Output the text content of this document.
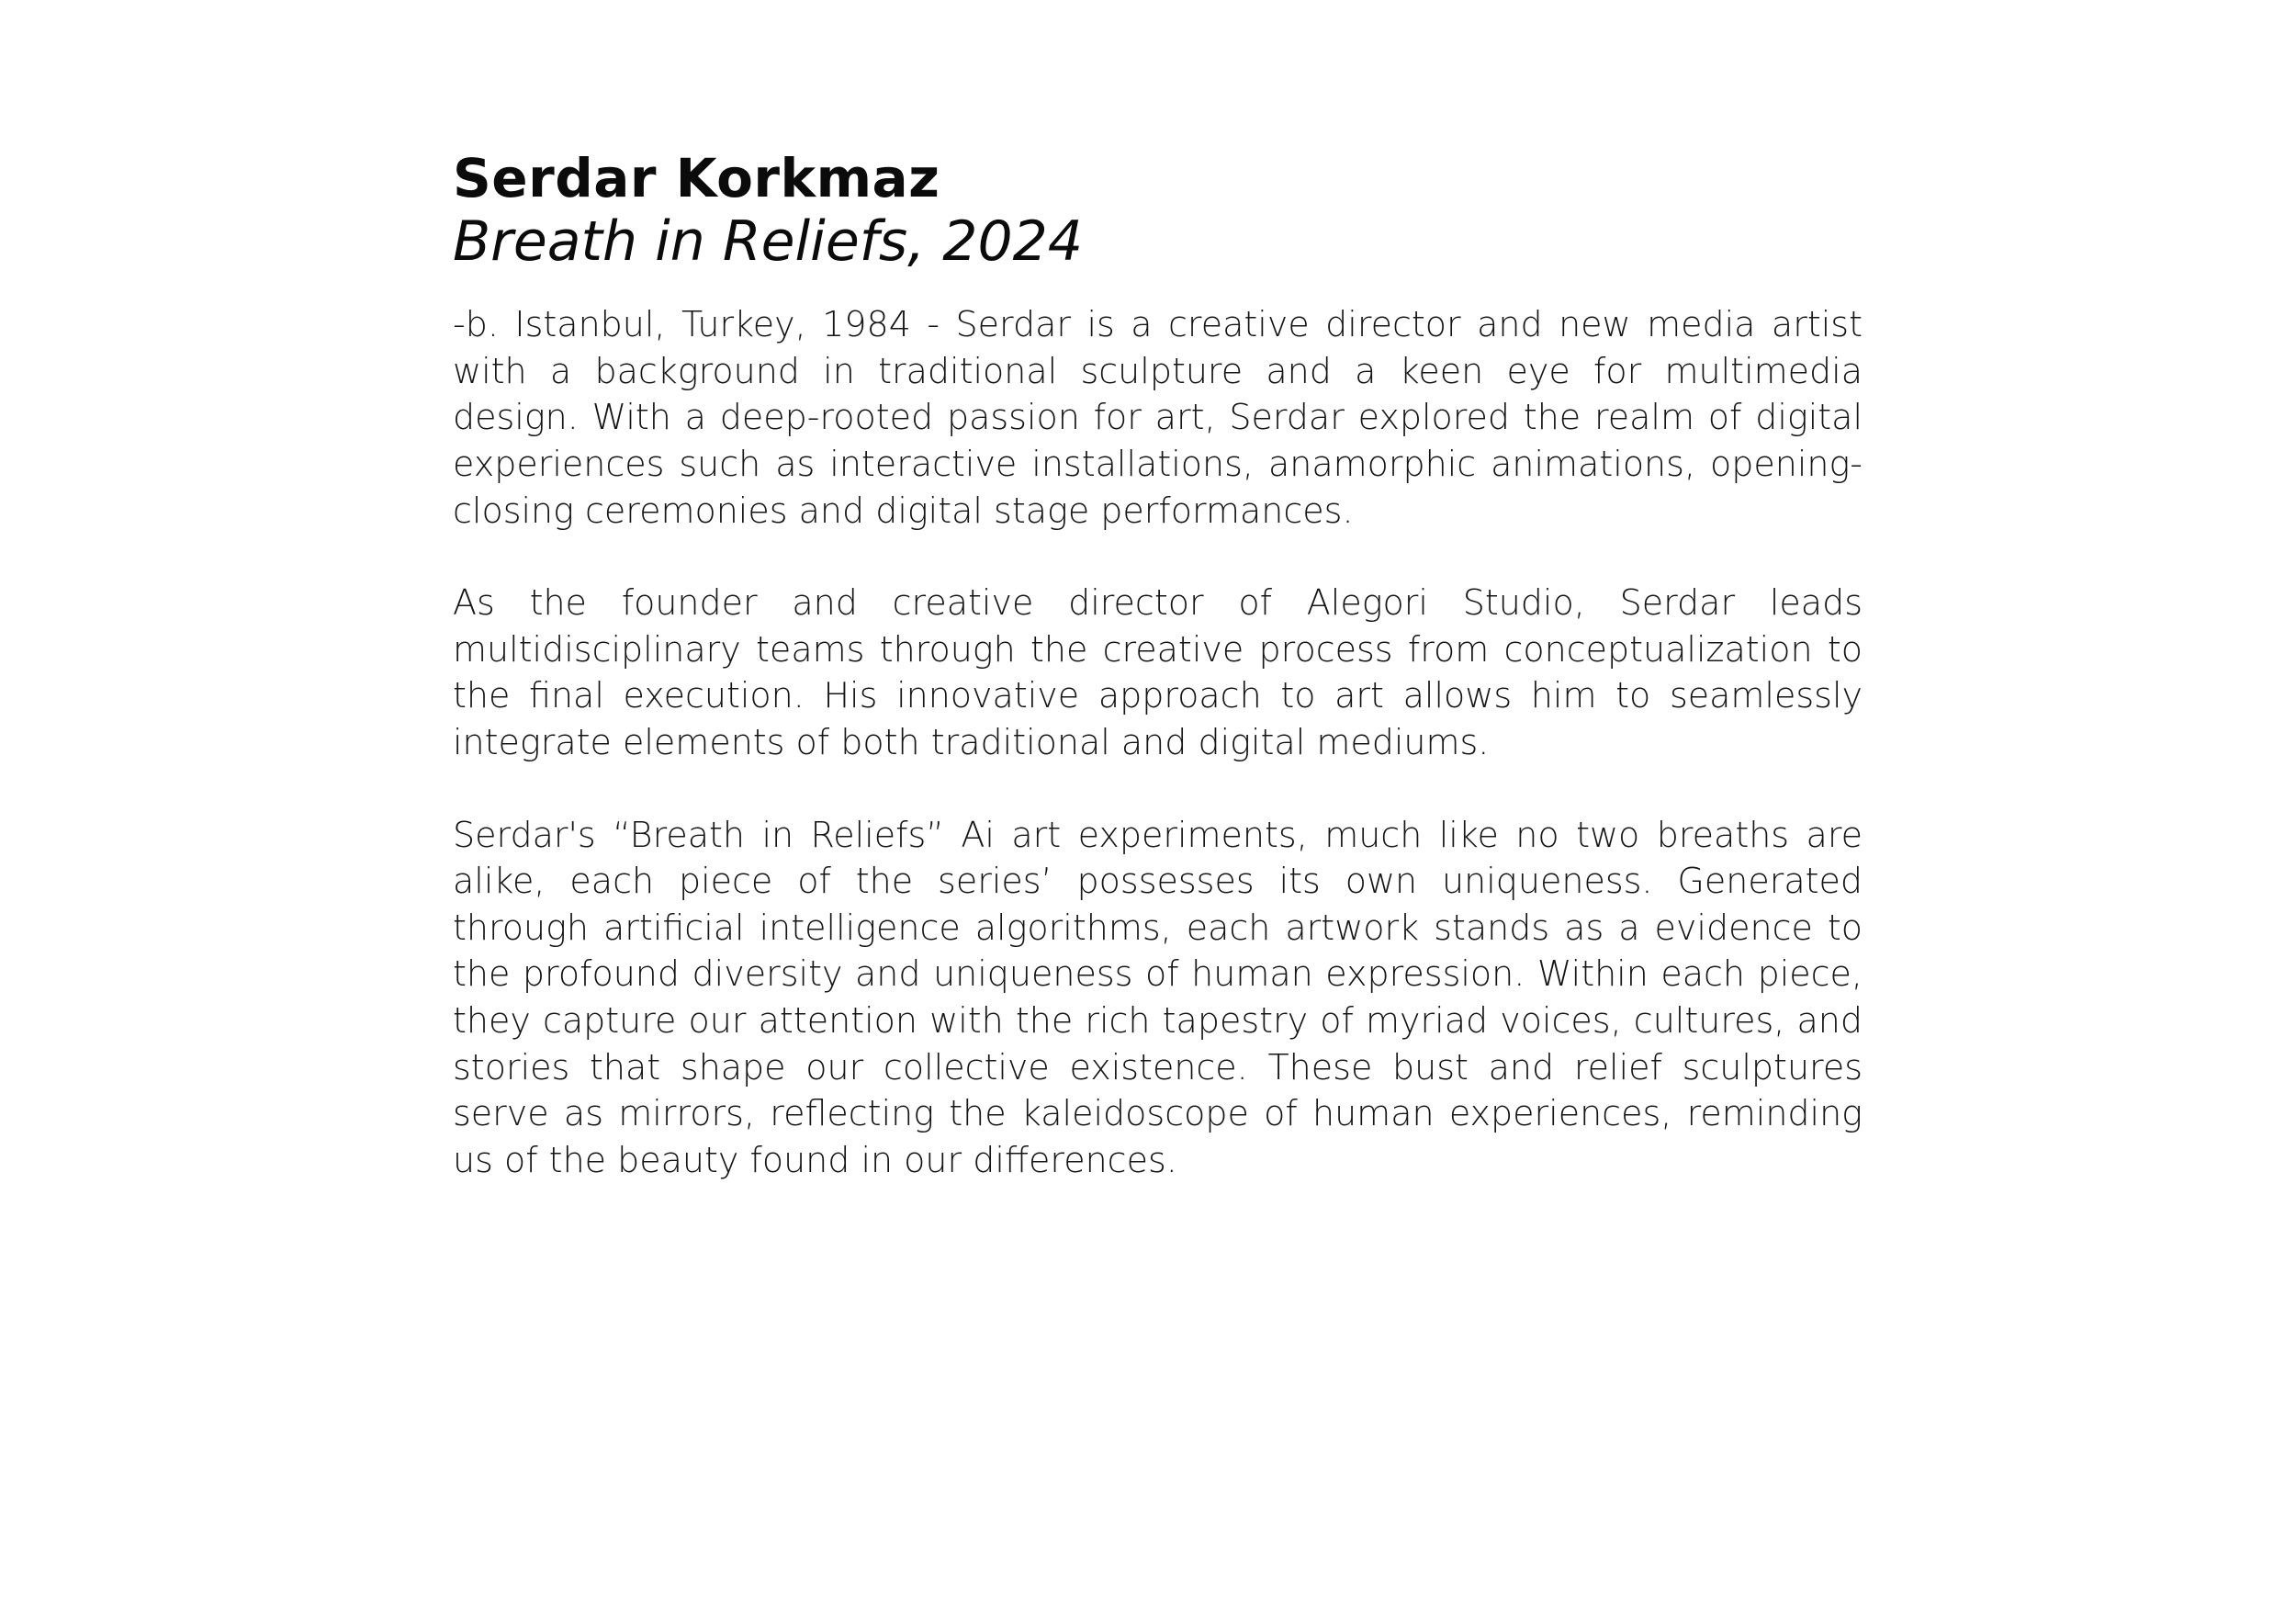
Serdar Korkmaz
Breath in Reliefs, 2024

-b. Istanbul, Turkey, 1984 - Serdar is a creative director and new media artist with a background in traditional sculpture and a keen eye for multimedia design. With a deep-rooted passion for art, Serdar explored the realm of digital experiences such as interactive installations, anamorphic animations, opening-closing ceremonies and digital stage performances.

As the founder and creative director of Alegori Studio, Serdar leads multidisciplinary teams through the creative process from conceptualization to the final execution. His innovative approach to art allows him to seamlessly integrate elements of both traditional and digital mediums.

Serdar's “Breath in Reliefs” Ai art experiments, much like no two breaths are alike, each piece of the series’ possesses its own uniqueness. Generated through artificial intelligence algorithms, each artwork stands as a evidence to the profound diversity and uniqueness of human expression. Within each piece, they capture our attention with the rich tapestry of myriad voices, cultures, and stories that shape our collective existence. These bust and relief sculptures serve as mirrors, reflecting the kaleidoscope of human experiences, reminding us of the beauty found in our differences.
